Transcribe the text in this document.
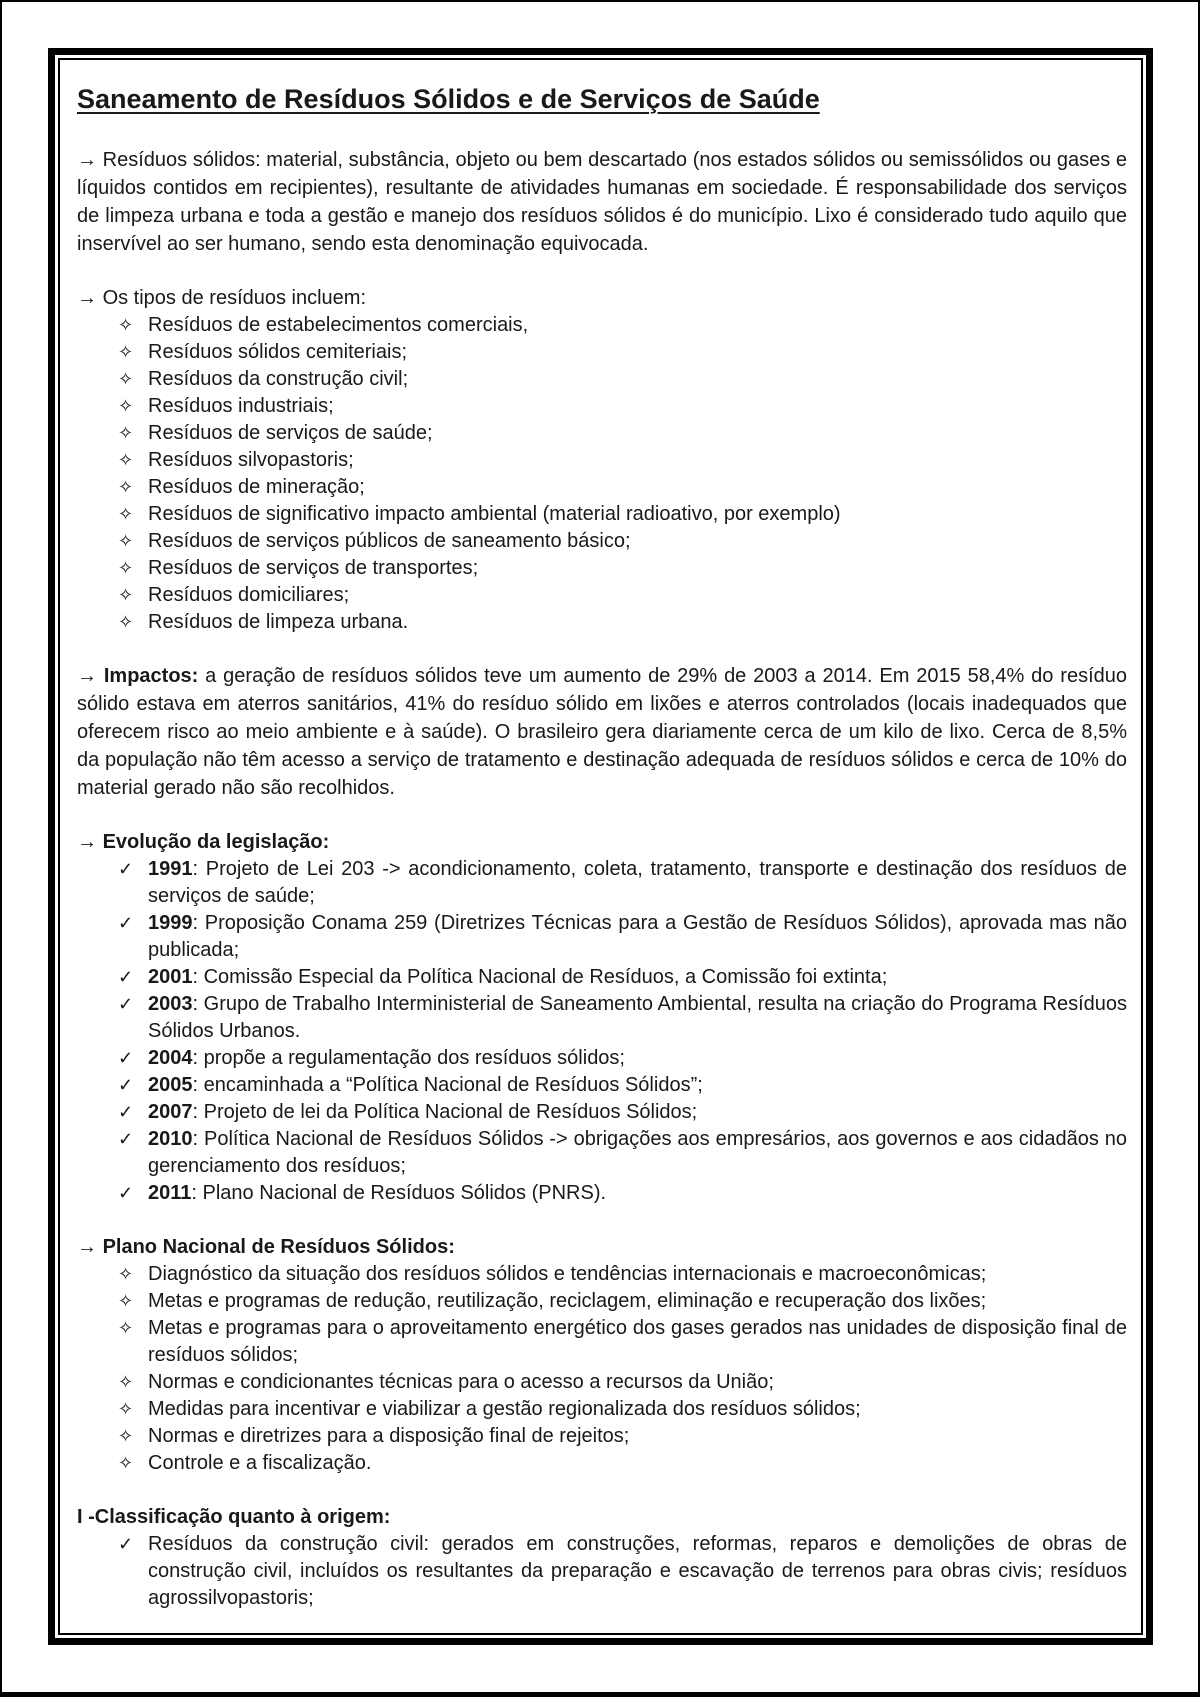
Saneamento de Resíduos Sólidos e de Serviços de Saúde

→ Resíduos sólidos: material, substância, objeto ou bem descartado (nos estados sólidos ou semissólidos ou gases e líquidos contidos em recipientes), resultante de atividades humanas em sociedade. É responsabilidade dos serviços de limpeza urbana e toda a gestão e manejo dos resíduos sólidos é do município. Lixo é considerado tudo aquilo que inservível ao ser humano, sendo esta denominação equivocada.

→ Os tipos de resíduos incluem:

✧ Resíduos de estabelecimentos comerciais,
✧ Resíduos sólidos cemiteriais;
✧ Resíduos da construção civil;
✧ Resíduos industriais;
✧ Resíduos de serviços de saúde;
✧ Resíduos silvopastoris;
✧ Resíduos de mineração;
✧ Resíduos de significativo impacto ambiental (material radioativo, por exemplo)
✧ Resíduos de serviços públicos de saneamento básico;
✧ Resíduos de serviços de transportes;
✧ Resíduos domiciliares;
✧ Resíduos de limpeza urbana.

→ Impactos: a geração de resíduos sólidos teve um aumento de 29% de 2003 a 2014. Em 2015 58,4% do resíduo sólido estava em aterros sanitários, 41% do resíduo sólido em lixões e aterros controlados (locais inadequados que oferecem risco ao meio ambiente e à saúde). O brasileiro gera diariamente cerca de um kilo de lixo. Cerca de 8,5% da população não têm acesso a serviço de tratamento e destinação adequada de resíduos sólidos e cerca de 10% do material gerado não são recolhidos.

→ Evolução da legislação:

✓ 1991: Projeto de Lei 203 -> acondicionamento, coleta, tratamento, transporte e destinação dos resíduos de serviços de saúde;
✓ 1999: Proposição Conama 259 (Diretrizes Técnicas para a Gestão de Resíduos Sólidos), aprovada mas não publicada;
✓ 2001: Comissão Especial da Política Nacional de Resíduos, a Comissão foi extinta;
✓ 2003: Grupo de Trabalho Interministerial de Saneamento Ambiental, resulta na criação do Programa Resíduos Sólidos Urbanos.
✓ 2004: propõe a regulamentação dos resíduos sólidos;
✓ 2005: encaminhada a “Política Nacional de Resíduos Sólidos”;
✓ 2007: Projeto de lei da Política Nacional de Resíduos Sólidos;
✓ 2010: Política Nacional de Resíduos Sólidos -> obrigações aos empresários, aos governos e aos cidadãos no gerenciamento dos resíduos;
✓ 2011: Plano Nacional de Resíduos Sólidos (PNRS).

→ Plano Nacional de Resíduos Sólidos:

✧ Diagnóstico da situação dos resíduos sólidos e tendências internacionais e macroeconômicas;
✧ Metas e programas de redução, reutilização, reciclagem, eliminação e recuperação dos lixões;
✧ Metas e programas para o aproveitamento energético dos gases gerados nas unidades de disposição final de resíduos sólidos;
✧ Normas e condicionantes técnicas para o acesso a recursos da União;
✧ Medidas para incentivar e viabilizar a gestão regionalizada dos resíduos sólidos;
✧ Normas e diretrizes para a disposição final de rejeitos;
✧ Controle e a fiscalização.

I -Classificação quanto à origem:

✓ Resíduos da construção civil: gerados em construções, reformas, reparos e demolições de obras de construção civil, incluídos os resultantes da preparação e escavação de terrenos para obras civis; resíduos agrossilvopastoris;
